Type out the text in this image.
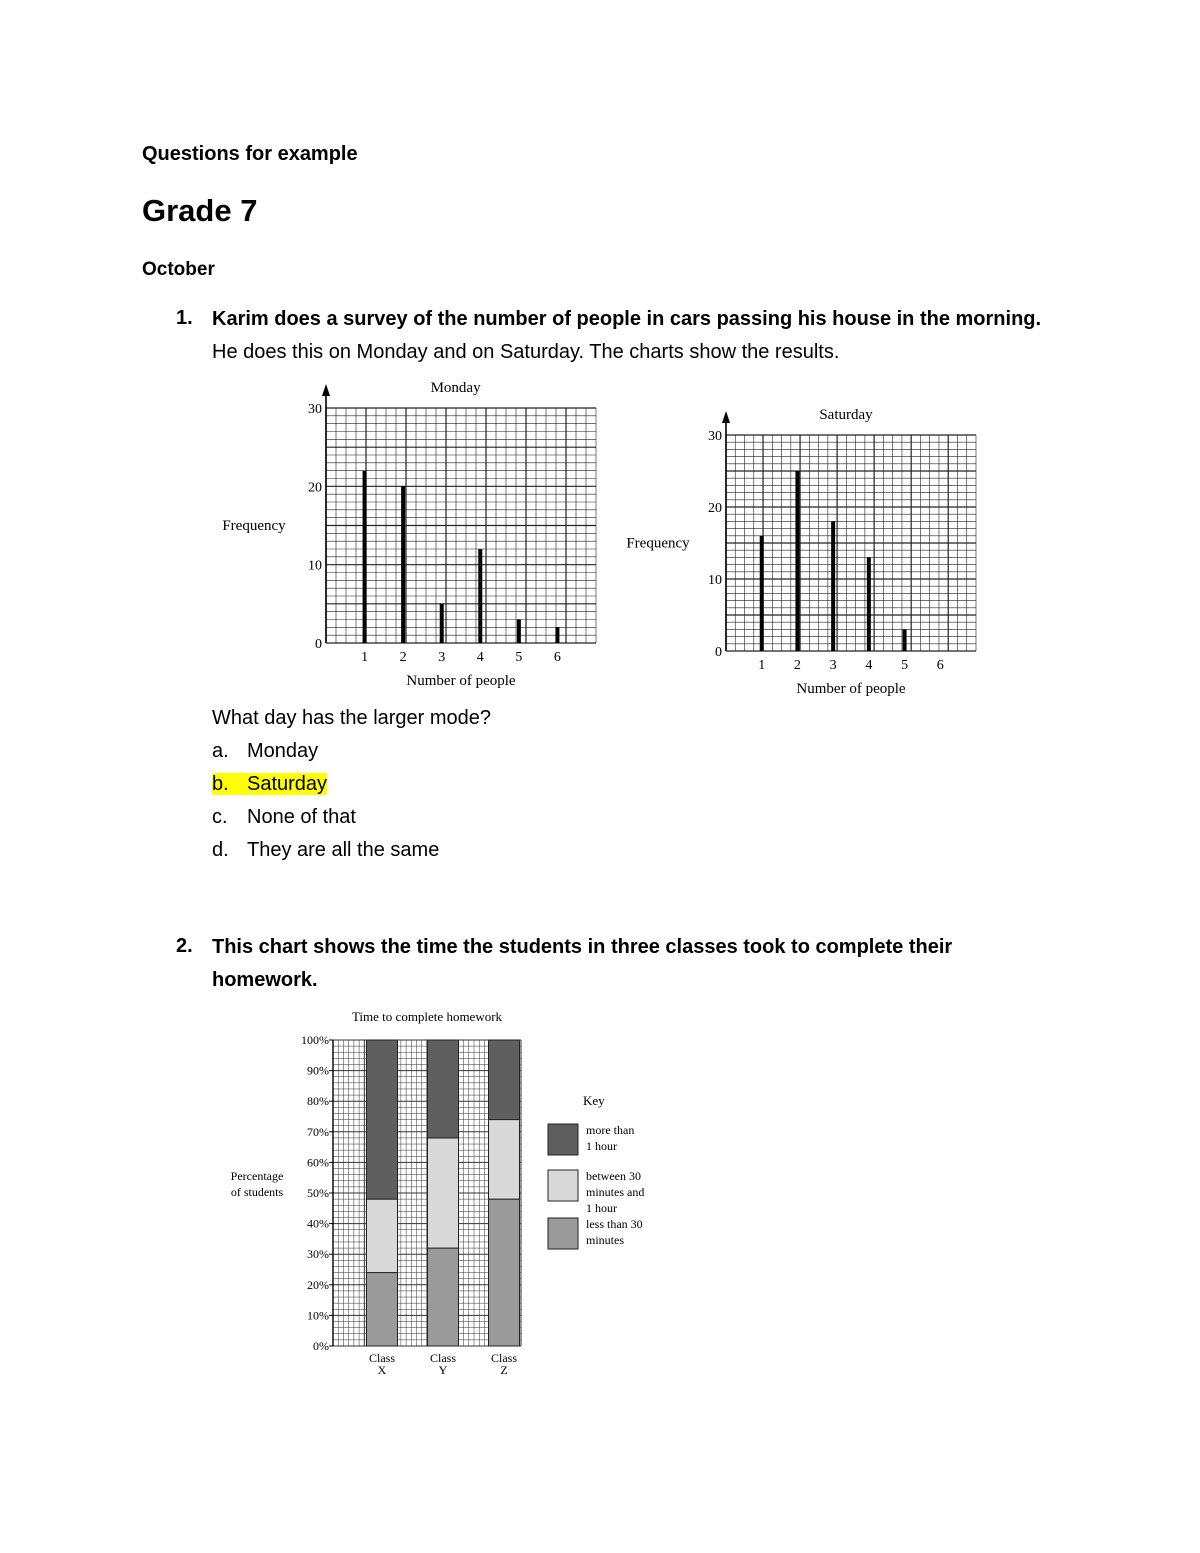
Questions for example
Grade 7
October
1. Karim does a survey of the number of people in cars passing his house in the morning.
He does this on Monday and on Saturday. The charts show the results.
1 2 3 4 5 6
0
10
20
30
Monday
Number of people
Frequency
1 2 3 4 5 6
0
10
20
30
Saturday
Number of people
Frequency
What day has the larger mode?
a. Monday
b. Saturday
c. None of that
d. They are all the same
2. This chart shows the time the students in three classes took to complete their
homework.
0%
10%
20%
30%
40%
50%
60%
70%
80%
90%
100%
Class
X
Class
Y
Class
Z
Time to complete homework
Percentage
of students
Key
more than
1 hour
between 30
minutes and
1 hour
less than 30
minutes
